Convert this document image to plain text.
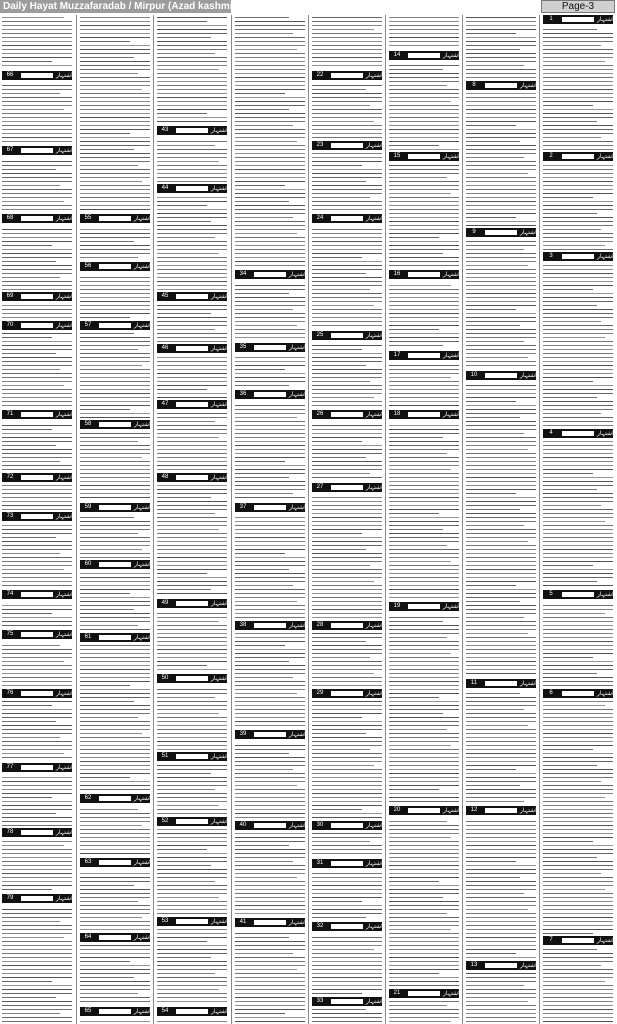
Daily Hayat Muzzafaradab / Mirpur (Azad kashmir)	Page-3
66	اشتہار
67	اشتہار
68	اشتہار
69	اشتہار
70	اشتہار
71	اشتہار
72	اشتہار
73	اشتہار
74	اشتہار
75	اشتہار
76	اشتہار
77	اشتہار
78	اشتہار
79	اشتہار
55	اشتہار
56	اشتہار
57	اشتہار
58	اشتہار
59	اشتہار
60	اشتہار
61	اشتہار
62	اشتہار
63	اشتہار
64	اشتہار
65	اشتہار
43	اشتہار
44	اشتہار
45	اشتہار
46	اشتہار
47	اشتہار
48	اشتہار
49	اشتہار
50	اشتہار
51	اشتہار
52	اشتہار
53	اشتہار
54	اشتہار
34	اشتہار
35	اشتہار
36	اشتہار
37	اشتہار
38	اشتہار
39	اشتہار
40	اشتہار
41	اشتہار
22	اشتہار
23	اشتہار
24	اشتہار
25	اشتہار
26	اشتہار
27	اشتہار
28	اشتہار
29	اشتہار
30	اشتہار
31	اشتہار
32	اشتہار
33	اشتہار
14	اشتہار
15	اشتہار
16	اشتہار
17	اشتہار
18	اشتہار
19	اشتہار
20	اشتہار
21	اشتہار
8	اشتہار
9	اشتہار
10	اشتہار
11	اشتہار
12	اشتہار
13	اشتہار
1	اشتہار
2	اشتہار
3	اشتہار
4	اشتہار
5	اشتہار
6	اشتہار
7	اشتہار
